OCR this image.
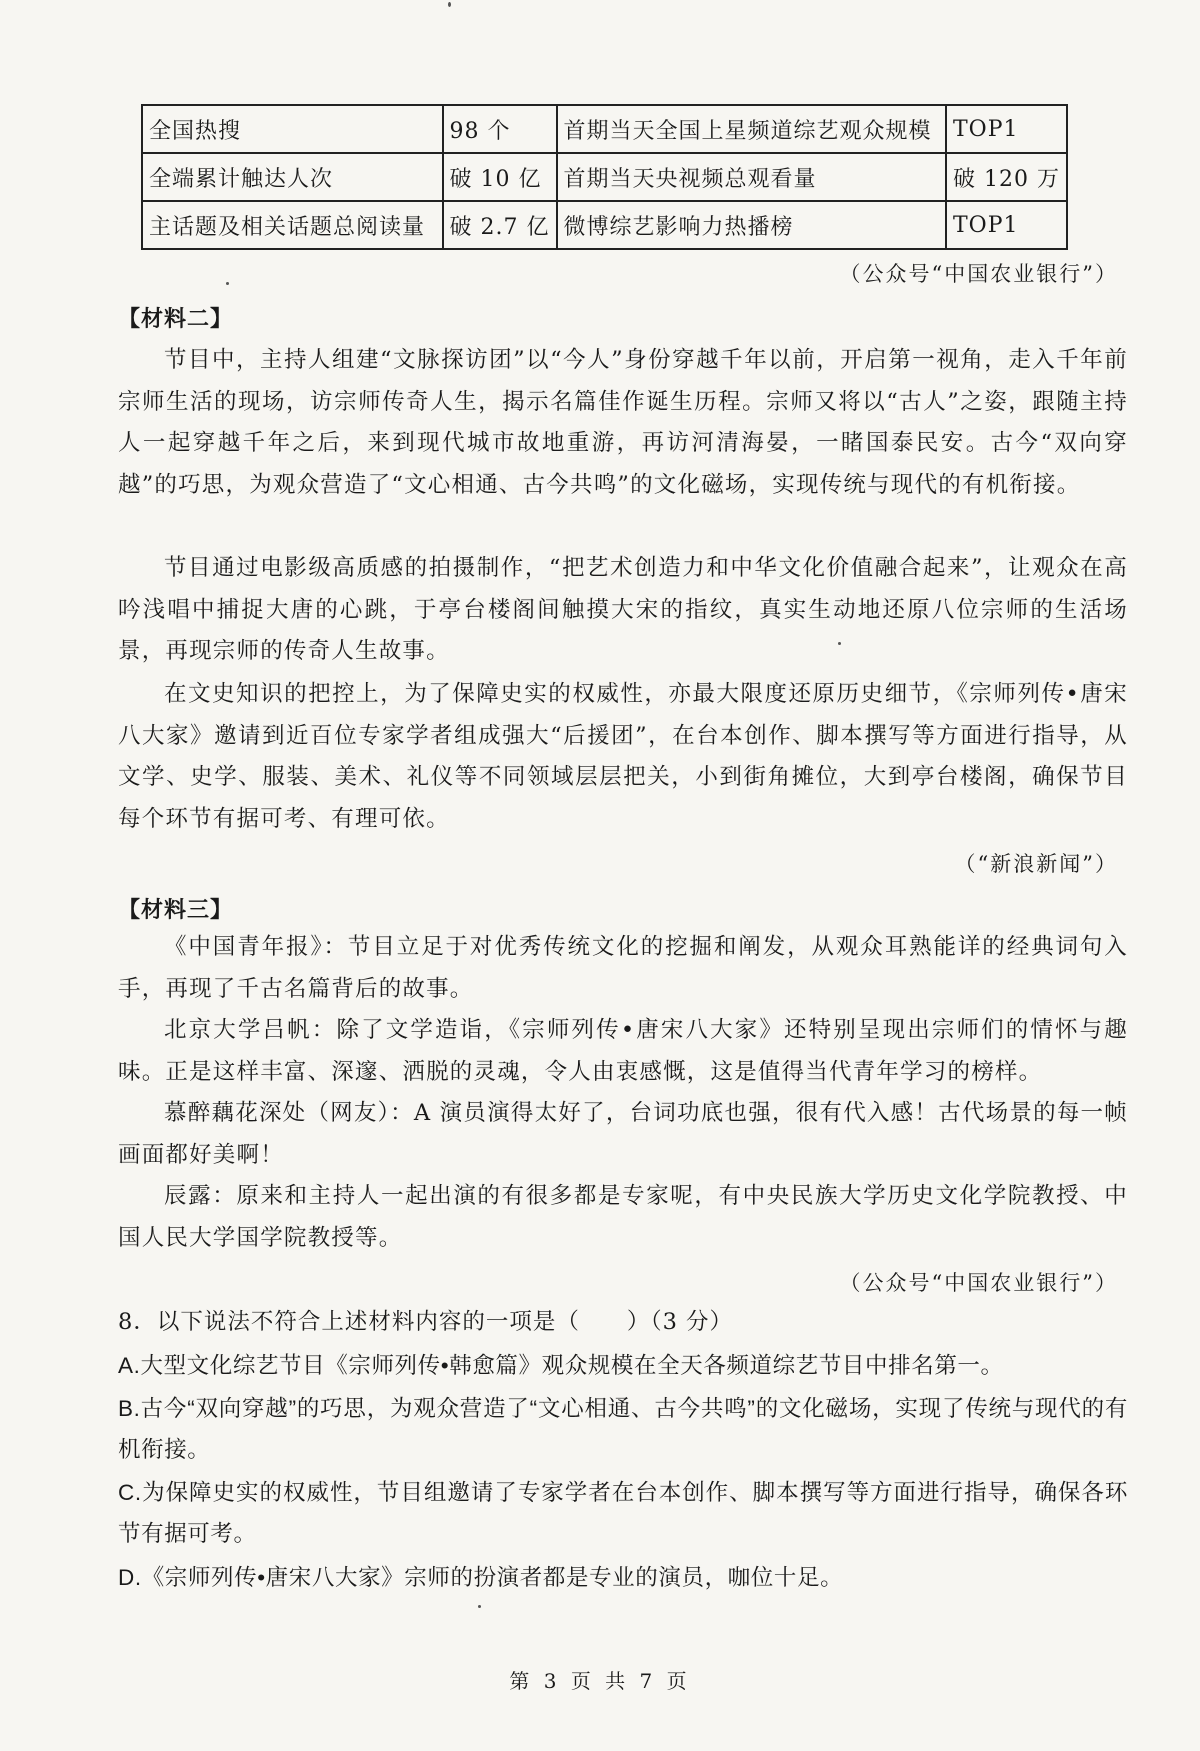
全国热搜	98 个	首期当天全国上星频道综艺观众规模	TOP1
全端累计触达人次	破 10 亿	首期当天央视频总观看量	破 120 万
主话题及相关话题总阅读量	破 2.7 亿	微博综艺影响力热播榜	TOP1
（公众号“中国农业银行”）
【材料二】

节目中，主持人组建“文脉探访团”以“今人”身份穿越千年以前，开启第一视角，走入千年前宗师生活的现场，访宗师传奇人生，揭示名篇佳作诞生历程。宗师又将以“古人”之姿，跟随主持人一起穿越千年之后，来到现代城市故地重游，再访河清海晏，一睹国泰民安。古今“双向穿越”的巧思，为观众营造了“文心相通、古今共鸣”的文化磁场，实现传统与现代的有机衔接。

节目通过电影级高质感的拍摄制作，“把艺术创造力和中华文化价值融合起来”，让观众在高吟浅唱中捕捉大唐的心跳，于亭台楼阁间触摸大宋的指纹，真实生动地还原八位宗师的生活场景，再现宗师的传奇人生故事。

在文史知识的把控上，为了保障史实的权威性，亦最大限度还原历史细节，《宗师列传•唐宋八大家》邀请到近百位专家学者组成强大“后援团”，在台本创作、脚本撰写等方面进行指导，从文学、史学、服装、美术、礼仪等不同领域层层把关，小到街角摊位，大到亭台楼阁，确保节目每个环节有据可考、有理可依。

（“新浪新闻”）
【材料三】

《中国青年报》：节目立足于对优秀传统文化的挖掘和阐发，从观众耳熟能详的经典词句入手，再现了千古名篇背后的故事。

北京大学吕帆：除了文学造诣，《宗师列传•唐宋八大家》还特别呈现出宗师们的情怀与趣味。正是这样丰富、深邃、洒脱的灵魂，令人由衷感慨，这是值得当代青年学习的榜样。

慕醉藕花深处（网友）：A 演员演得太好了，台词功底也强，很有代入感！古代场景的每一帧画面都好美啊！

辰露：原来和主持人一起出演的有很多都是专家呢，有中央民族大学历史文化学院教授、中国人民大学国学院教授等。

（公众号“中国农业银行”）
8．以下说法不符合上述材料内容的一项是（　　）（3 分）

A.大型文化综艺节目《宗师列传•韩愈篇》观众规模在全天各频道综艺节目中排名第一。

B.古今“双向穿越”的巧思，为观众营造了“文心相通、古今共鸣”的文化磁场，实现了传统与现代的有机衔接。

C.为保障史实的权威性，节目组邀请了专家学者在台本创作、脚本撰写等方面进行指导，确保各环节有据可考。

D.《宗师列传•唐宋八大家》宗师的扮演者都是专业的演员，咖位十足。

第 3 页 共 7 页
